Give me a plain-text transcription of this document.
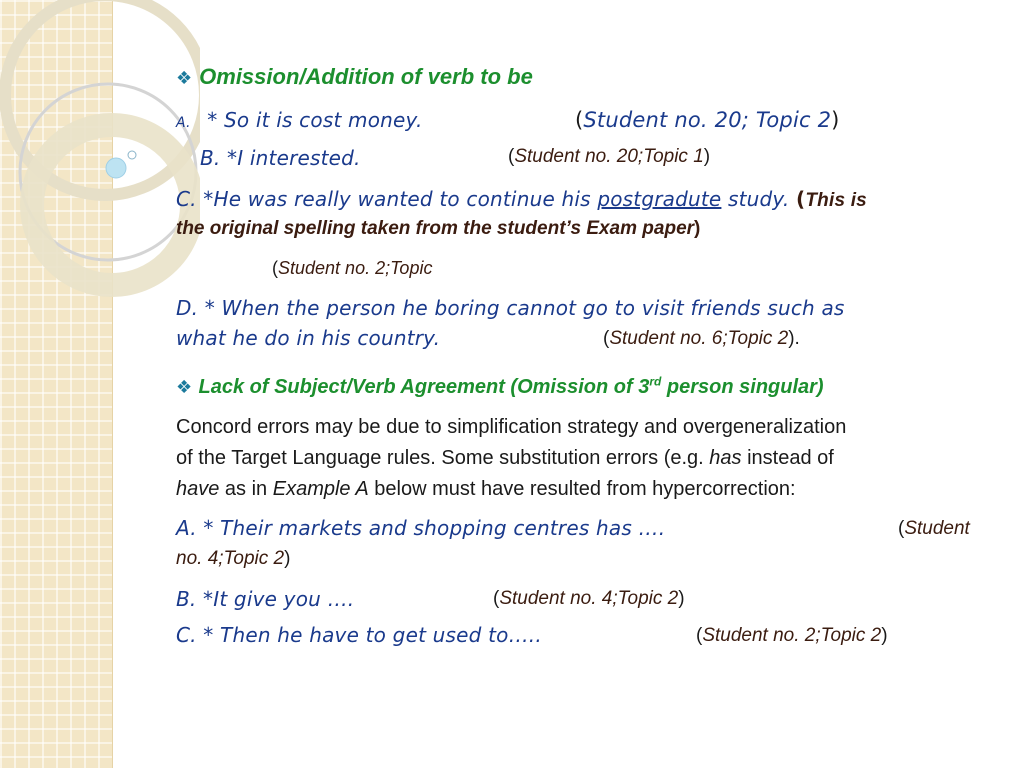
❖ Omission/Addition of verb to be
A. * So it is cost money.	(Student no. 20; Topic 2)
B. *I interested.	(Student no. 20;Topic 1)
C. *He was really wanted to continue his postgradute study. (This is
the original spelling taken from the student’s Exam paper)
(Student no. 2;Topic
D. * When the person he boring cannot go to visit friends such as
what he do in his country.	(Student no. 6;Topic 2).
❖ Lack of Subject/Verb Agreement (Omission of 3rd person singular)
Concord errors may be due to simplification strategy and overgeneralization
of the Target Language rules. Some substitution errors (e.g. has instead of
have as in Example A below must have resulted from hypercorrection:
A. * Their markets and shopping centres has ….	(Student
no. 4;Topic 2)
B. *It give you ….	(Student no. 4;Topic 2)
C. * Then he have to get used to…..	(Student no. 2;Topic 2)
